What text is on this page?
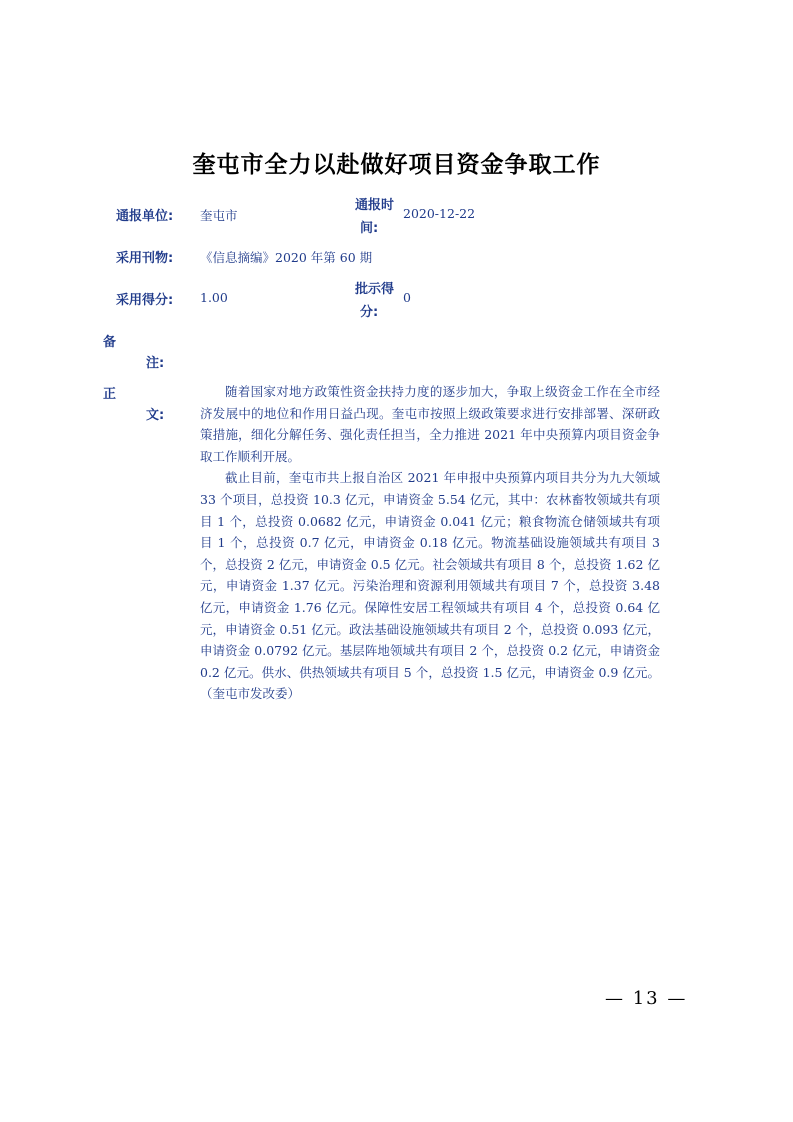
奎屯市全力以赴做好项目资金争取工作
通报单位: 奎屯市
通报时
间:
2020-12-22
采用刊物: 《信息摘编》2020 年第 60 期
采用得分: 1.00
批示得
分:
0
备
注:
正
文:

随着国家对地方政策性资金扶持力度的逐步加大，争取上级资金工作在全市经济发展中的地位和作用日益凸现。奎屯市按照上级政策要求进行安排部署、深研政策措施，细化分解任务、强化责任担当，全力推进 2021 年中央预算内项目资金争取工作顺利开展。

截止目前，奎屯市共上报自治区 2021 年申报中央预算内项目共分为九大领域 33 个项目，总投资 10.3 亿元，申请资金 5.54 亿元，其中：农林畜牧领域共有项目 1 个，总投资 0.0682 亿元，申请资金 0.041 亿元；粮食物流仓储领域共有项目 1 个，总投资 0.7 亿元，申请资金 0.18 亿元。物流基础设施领域共有项目 3 个，总投资 2 亿元，申请资金 0.5 亿元。社会领域共有项目 8 个，总投资 1.62 亿元，申请资金 1.37 亿元。污染治理和资源利用领域共有项目 7 个，总投资 3.48 亿元，申请资金 1.76 亿元。保障性安居工程领域共有项目 4 个，总投资 0.64 亿元，申请资金 0.51 亿元。政法基础设施领域共有项目 2 个，总投资 0.093 亿元，申请资金 0.0792 亿元。基层阵地领域共有项目 2 个，总投资 0.2 亿元，申请资金 0.2 亿元。供水、供热领域共有项目 5 个，总投资 1.5 亿元，申请资金 0.9 亿元。（奎屯市发改委）

— 13 —
